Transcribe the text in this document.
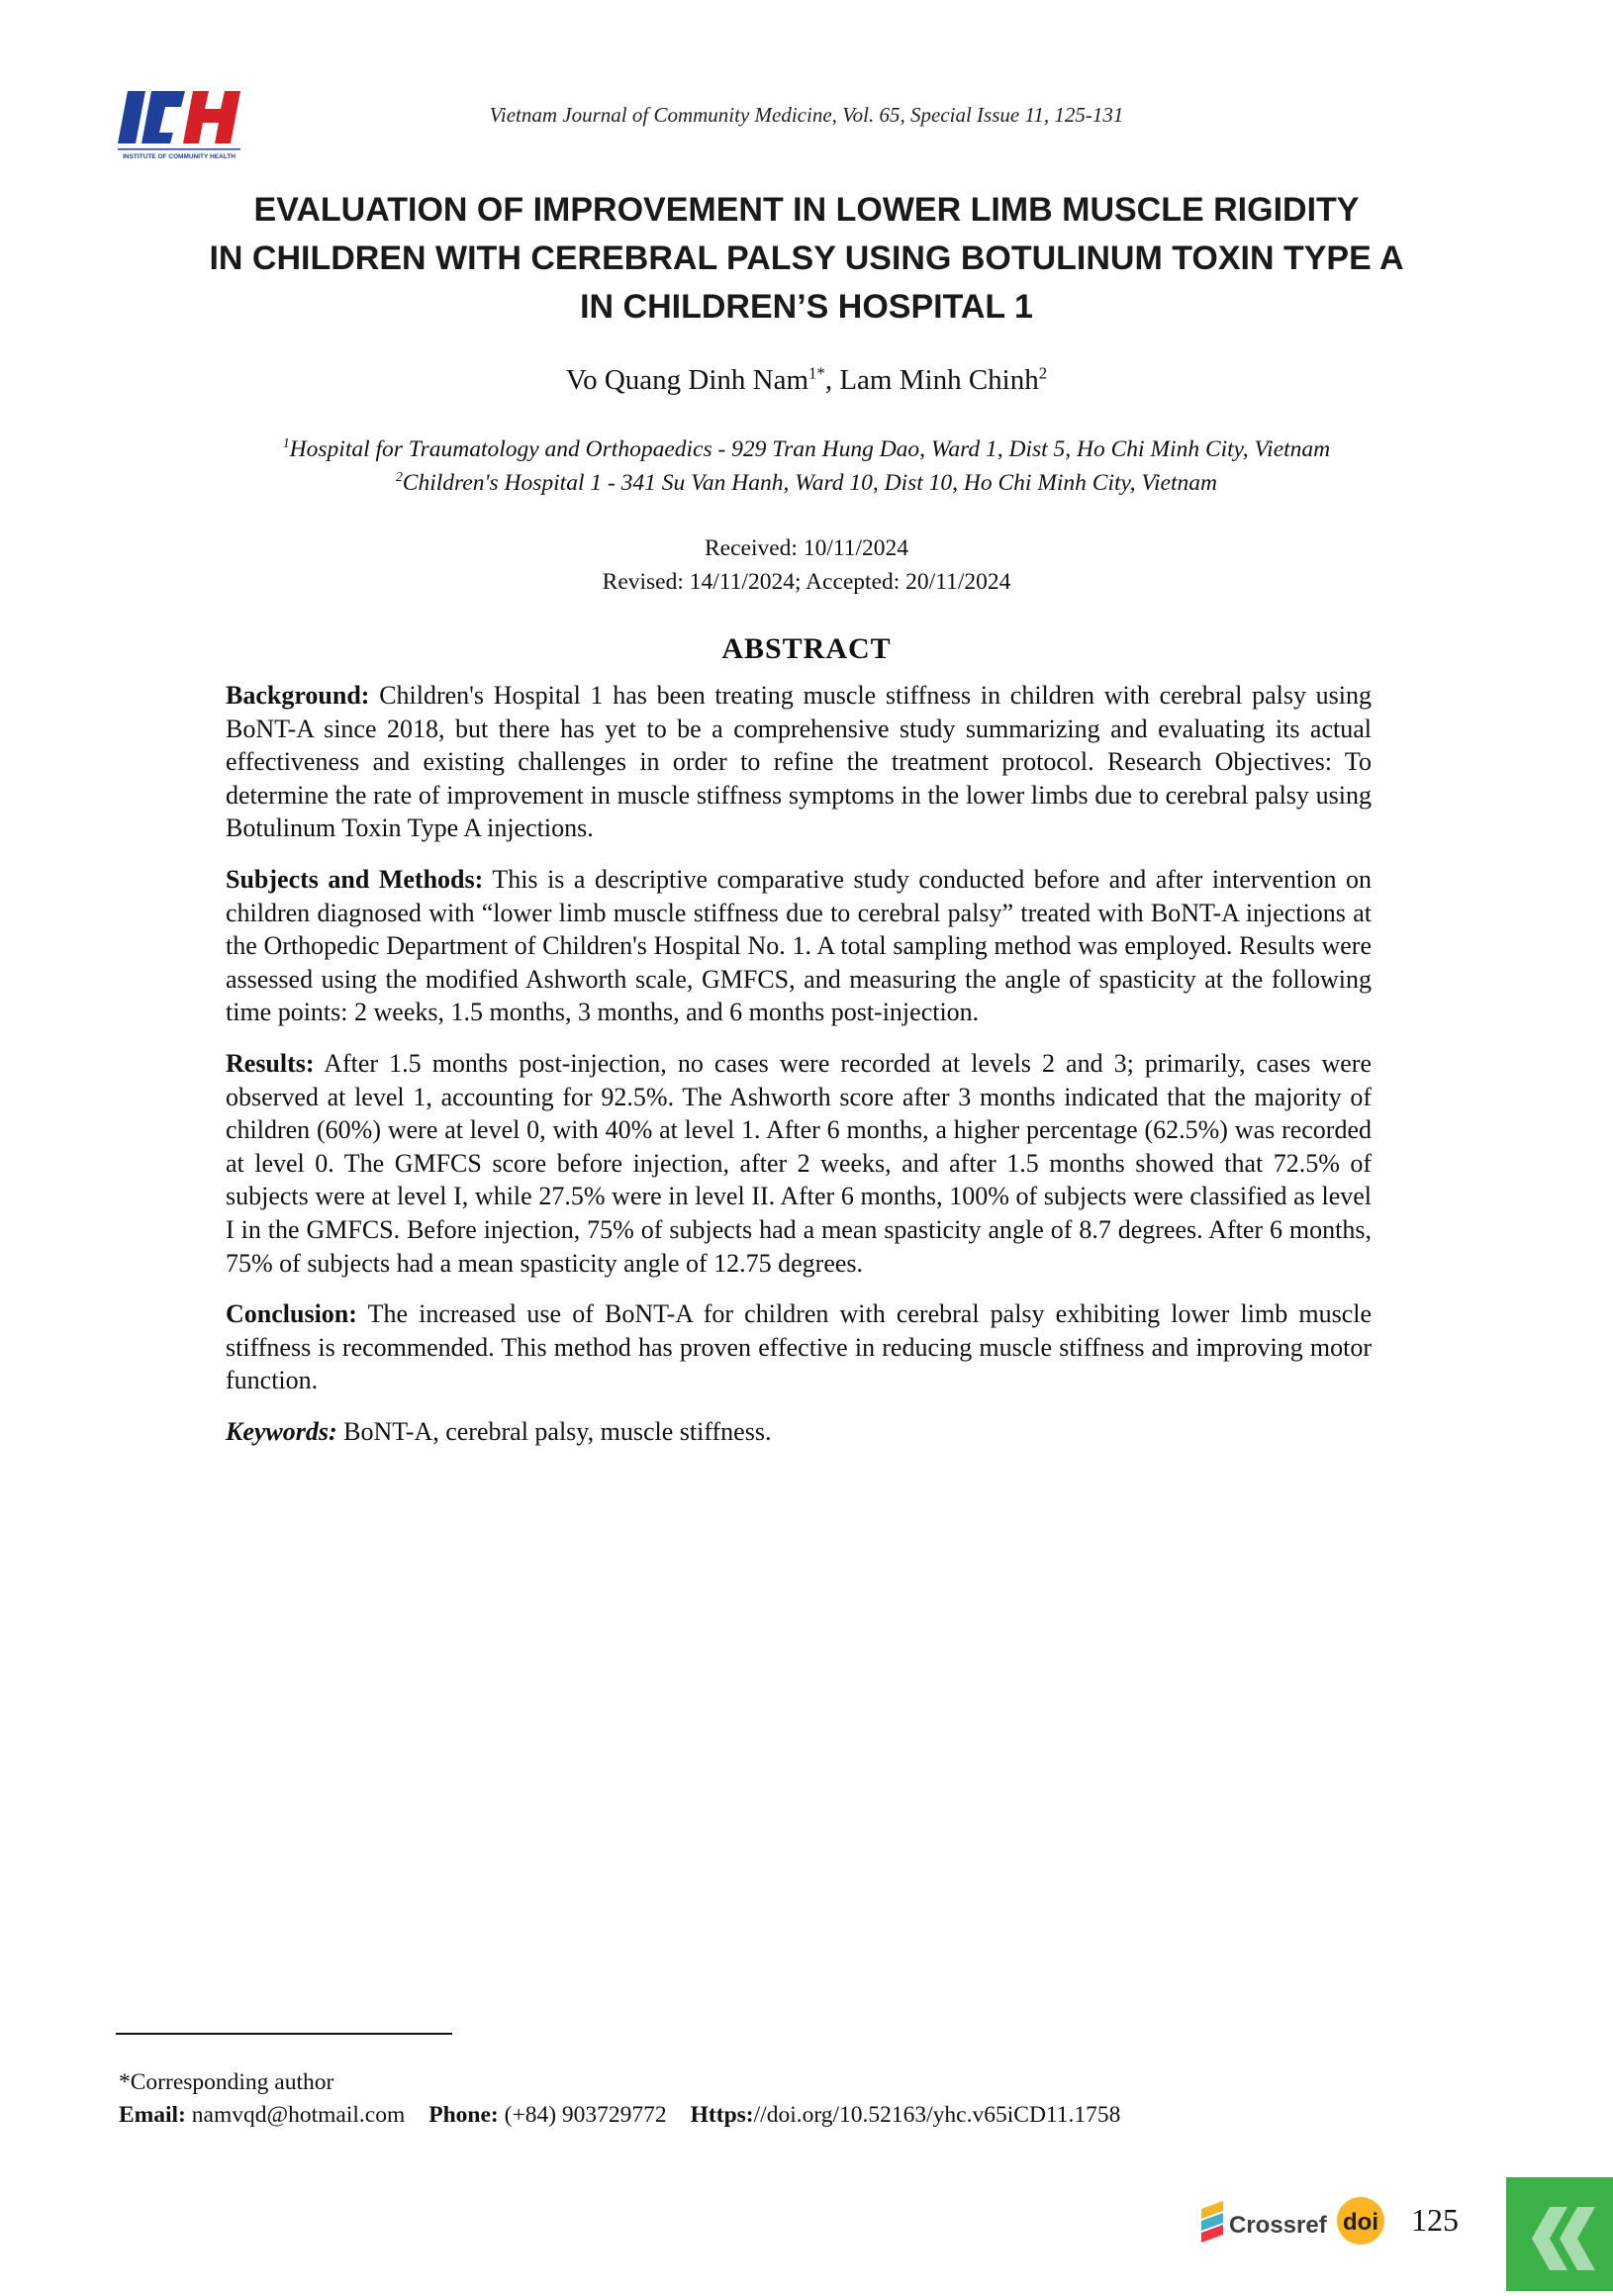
INSTITUTE OF COMMUNITY HEALTH
Vietnam Journal of Community Medicine, Vol. 65, Special Issue 11, 125-131
EVALUATION OF IMPROVEMENT IN LOWER LIMB MUSCLE RIGIDITY
IN CHILDREN WITH CEREBRAL PALSY USING BOTULINUM TOXIN TYPE A
IN CHILDREN’S HOSPITAL 1
Vo Quang Dinh Nam$^{1*}$, Lam Minh Chinh$^2$
$^1$Hospital for Traumatology and Orthopaedics - 929 Tran Hung Dao, Ward 1, Dist 5, Ho Chi Minh City, Vietnam
$^2$Children's Hospital 1 - 341 Su Van Hanh, Ward 10, Dist 10, Ho Chi Minh City, Vietnam
Received: 10/11/2024
Revised: 14/11/2024; Accepted: 20/11/2024
ABSTRACT

Background: Children's Hospital 1 has been treating muscle stiffness in children with cerebral palsy using BoNT-A since 2018, but there has yet to be a comprehensive study summarizing and evaluating its actual effectiveness and existing challenges in order to refine the treatment protocol. Research Objectives: To determine the rate of improvement in muscle stiffness symptoms in the lower limbs due to cerebral palsy using Botulinum Toxin Type A injections.

Subjects and Methods: This is a descriptive comparative study conducted before and after intervention on children diagnosed with “lower limb muscle stiffness due to cerebral palsy” treated with BoNT-A injections at the Orthopedic Department of Children's Hospital No. 1. A total sampling method was employed. Results were assessed using the modified Ashworth scale, GMFCS, and measuring the angle of spasticity at the following time points: 2 weeks, 1.5 months, 3 months, and 6 months post-injection.

Results: After 1.5 months post-injection, no cases were recorded at levels 2 and 3; primarily, cases were observed at level 1, accounting for 92.5%. The Ashworth score after 3 months indicated that the majority of children (60%) were at level 0, with 40% at level 1. After 6 months, a higher percentage (62.5%) was recorded at level 0. The GMFCS score before injection, after 2 weeks, and after 1.5 months showed that 72.5% of subjects were at level I, while 27.5% were in level II. After 6 months, 100% of subjects were classified as level I in the GMFCS. Before injection, 75% of subjects had a mean spasticity angle of 8.7 degrees. After 6 months, 75% of subjects had a mean spasticity angle of 12.75 degrees.

Conclusion: The increased use of BoNT-A for children with cerebral palsy exhibiting lower limb muscle stiffness is recommended. This method has proven effective in reducing muscle stiffness and improving motor function.

Keywords: BoNT-A, cerebral palsy, muscle stiffness.

*Corresponding author
Email: namvqd@hotmail.com Phone: (+84) 903729772 Https://doi.org/10.52163/yhc.v65iCD11.1758
Crossref doi 125
